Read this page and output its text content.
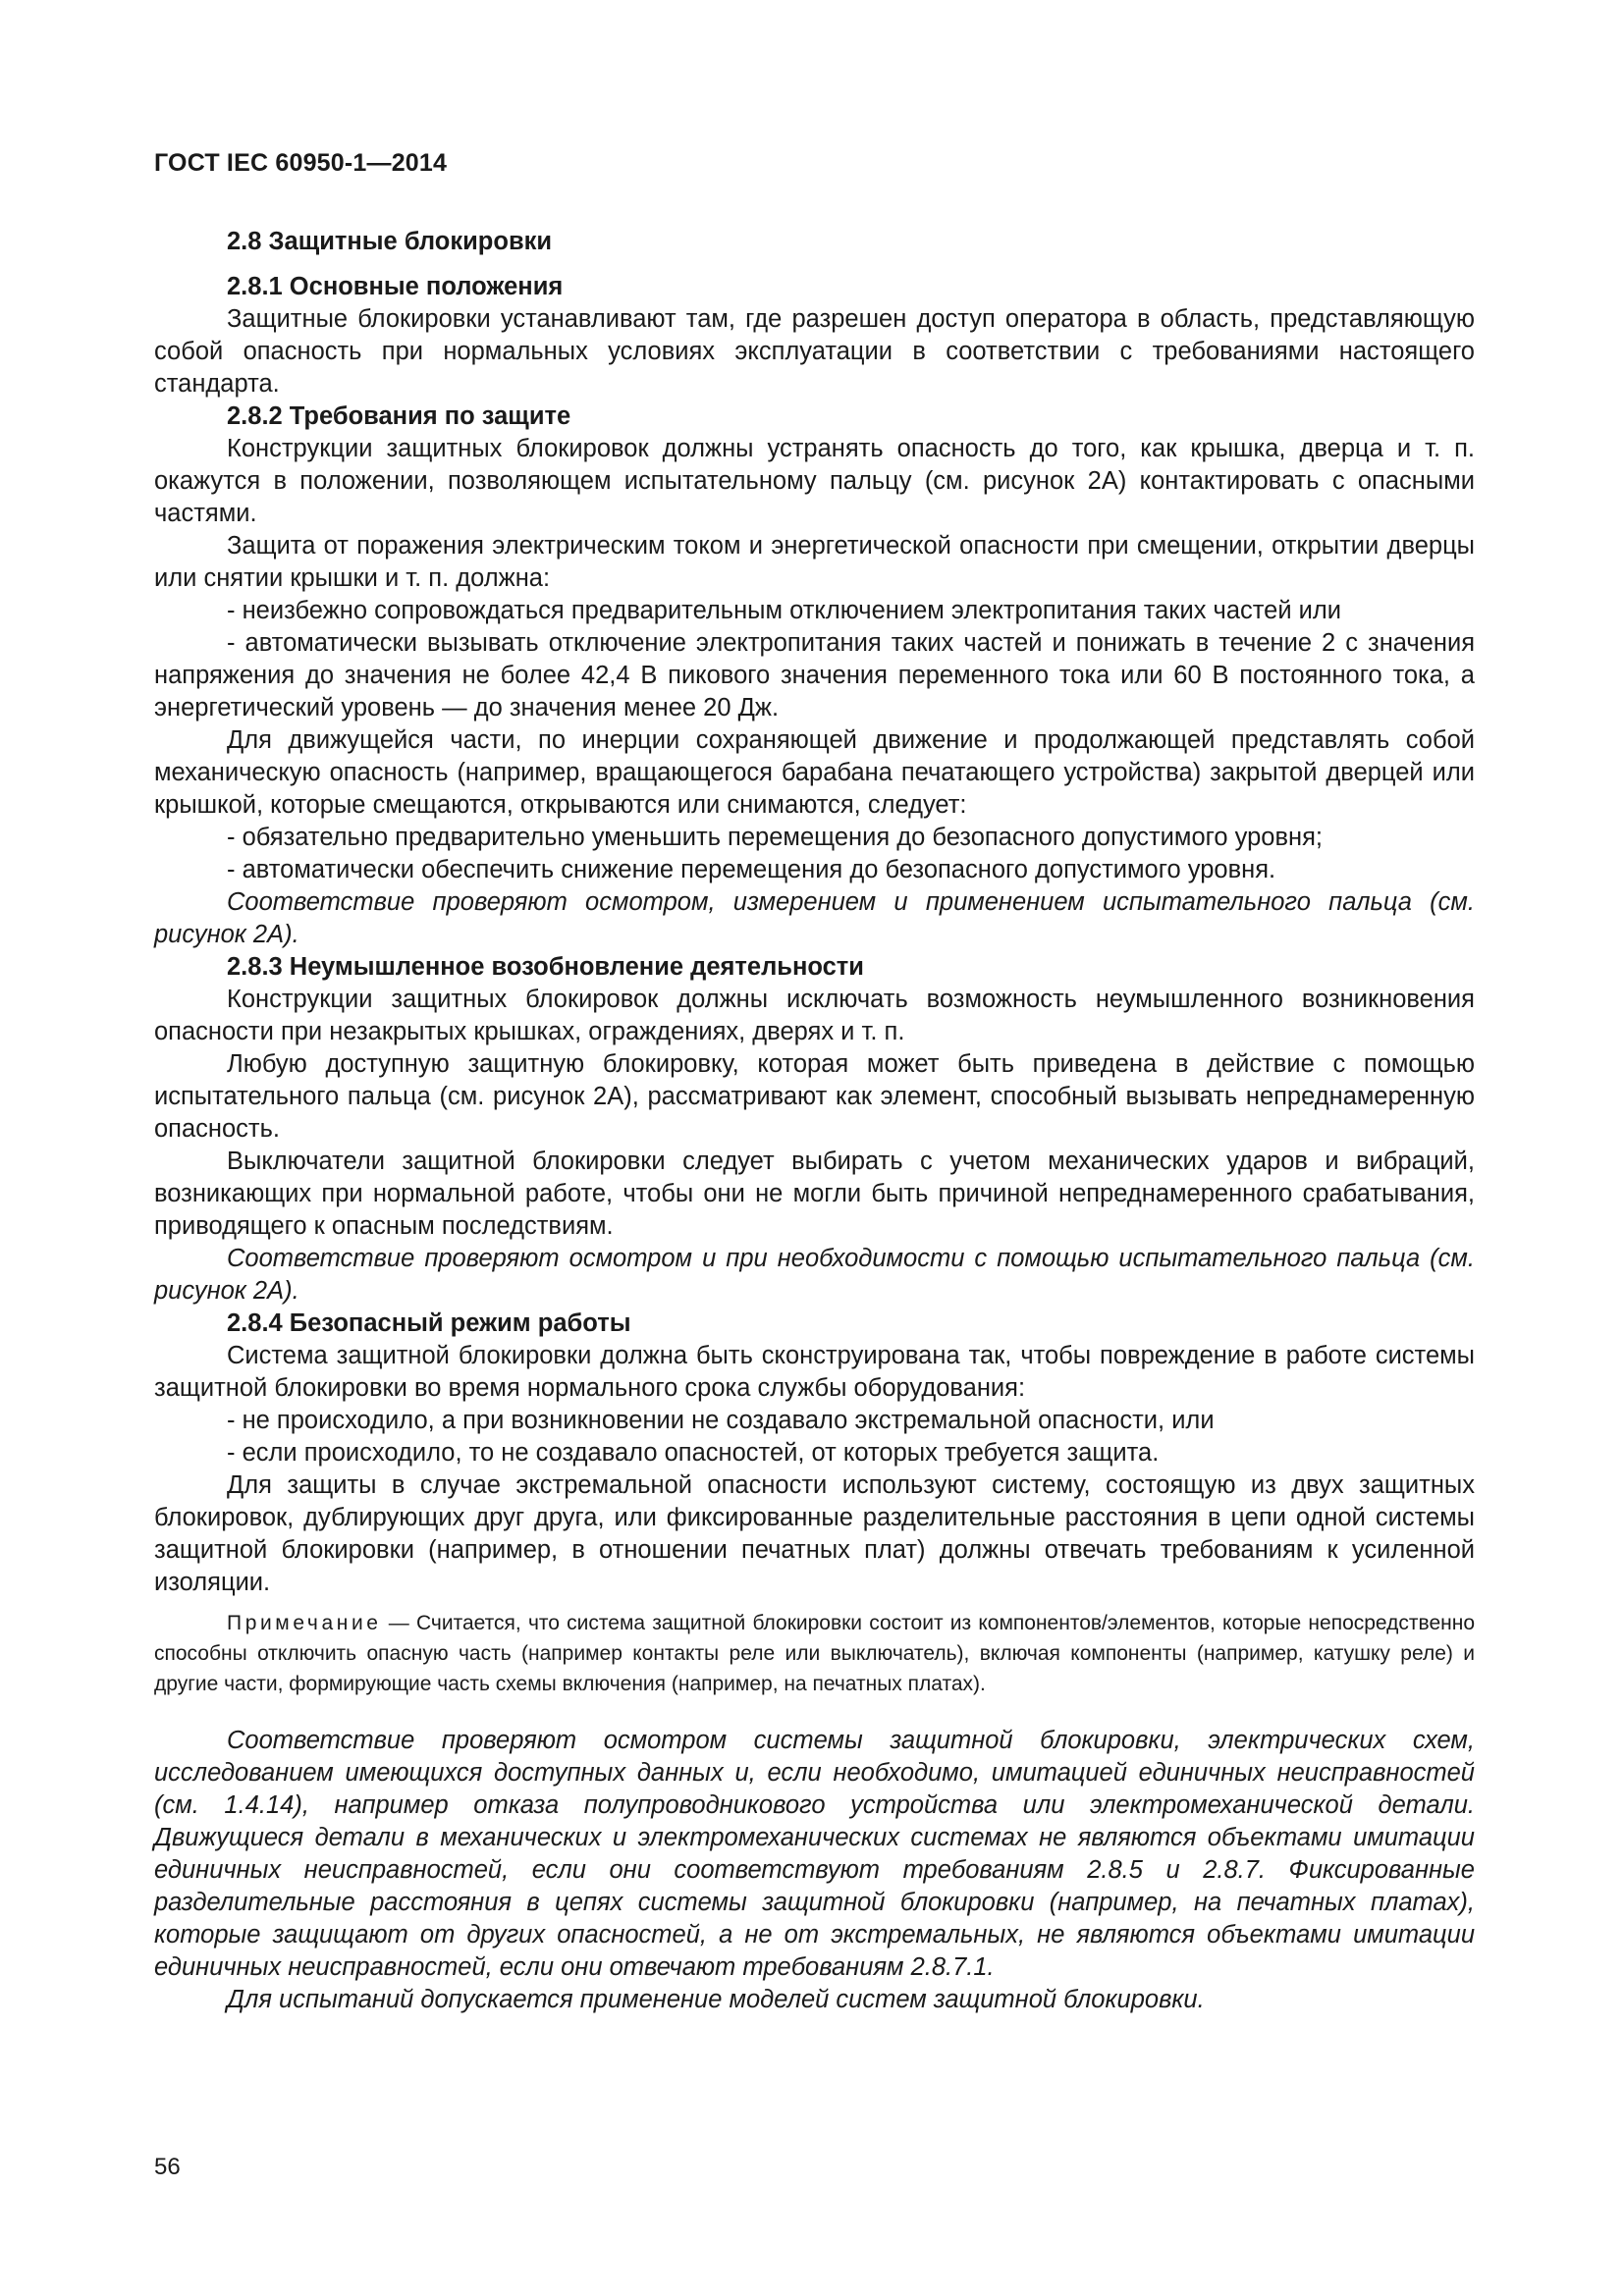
ГОСТ IEC 60950-1—2014

2.8 Защитные блокировки

2.8.1 Основные положения

Защитные блокировки устанавливают там, где разрешен доступ оператора в область, представляющую собой опасность при нормальных условиях эксплуатации в соответствии с требованиями настоящего стандарта.

2.8.2 Требования по защите

Конструкции защитных блокировок должны устранять опасность до того, как крышка, дверца и т. п. окажутся в положении, позволяющем испытательному пальцу (см. рисунок 2А) контактировать с опасными частями.

Защита от поражения электрическим током и энергетической опасности при смещении, открытии дверцы или снятии крышки и т. п. должна:

- неизбежно сопровождаться предварительным отключением электропитания таких частей или

- автоматически вызывать отключение электропитания таких частей и понижать в течение 2 с значения напряжения до значения не более 42,4 В пикового значения переменного тока или 60 В постоянного тока, а энергетический уровень — до значения менее 20 Дж.

Для движущейся части, по инерции сохраняющей движение и продолжающей представлять собой механическую опасность (например, вращающегося барабана печатающего устройства) закрытой дверцей или крышкой, которые смещаются, открываются или снимаются, следует:

- обязательно предварительно уменьшить перемещения до безопасного допустимого уровня;

- автоматически обеспечить снижение перемещения до безопасного допустимого уровня.

Соответствие проверяют осмотром, измерением и применением испытательного пальца (см. рисунок 2А).

2.8.3 Неумышленное возобновление деятельности

Конструкции защитных блокировок должны исключать возможность неумышленного возникновения опасности при незакрытых крышках, ограждениях, дверях и т. п.

Любую доступную защитную блокировку, которая может быть приведена в действие с помощью испытательного пальца (см. рисунок 2А), рассматривают как элемент, способный вызывать непреднамеренную опасность.

Выключатели защитной блокировки следует выбирать с учетом механических ударов и вибраций, возникающих при нормальной работе, чтобы они не могли быть причиной непреднамеренного срабатывания, приводящего к опасным последствиям.

Соответствие проверяют осмотром и при необходимости с помощью испытательного пальца (см. рисунок 2А).

2.8.4 Безопасный режим работы

Система защитной блокировки должна быть сконструирована так, чтобы повреждение в работе системы защитной блокировки во время нормального срока службы оборудования:

- не происходило, а при возникновении не создавало экстремальной опасности, или

- если происходило, то не создавало опасностей, от которых требуется защита.

Для защиты в случае экстремальной опасности используют систему, состоящую из двух защитных блокировок, дублирующих друг друга, или фиксированные разделительные расстояния в цепи одной системы защитной блокировки (например, в отношении печатных плат) должны отвечать требованиям к усиленной изоляции.

Примечание — Считается, что система защитной блокировки состоит из компонентов/элементов, которые непосредственно способны отключить опасную часть (например контакты реле или выключатель), включая компоненты (например, катушку реле) и другие части, формирующие часть схемы включения (например, на печатных платах).

Соответствие проверяют осмотром системы защитной блокировки, электрических схем, исследованием имеющихся доступных данных и, если необходимо, имитацией единичных неисправностей (см. 1.4.14), например отказа полупроводникового устройства или электромеханической детали. Движущиеся детали в механических и электромеханических системах не являются объектами имитации единичных неисправностей, если они соответствуют требованиям 2.8.5 и 2.8.7. Фиксированные разделительные расстояния в цепях системы защитной блокировки (например, на печатных платах), которые защищают от других опасностей, а не от экстремальных, не являются объектами имитации единичных неисправностей, если они отвечают требованиям 2.8.7.1.

Для испытаний допускается применение моделей систем защитной блокировки.

56
